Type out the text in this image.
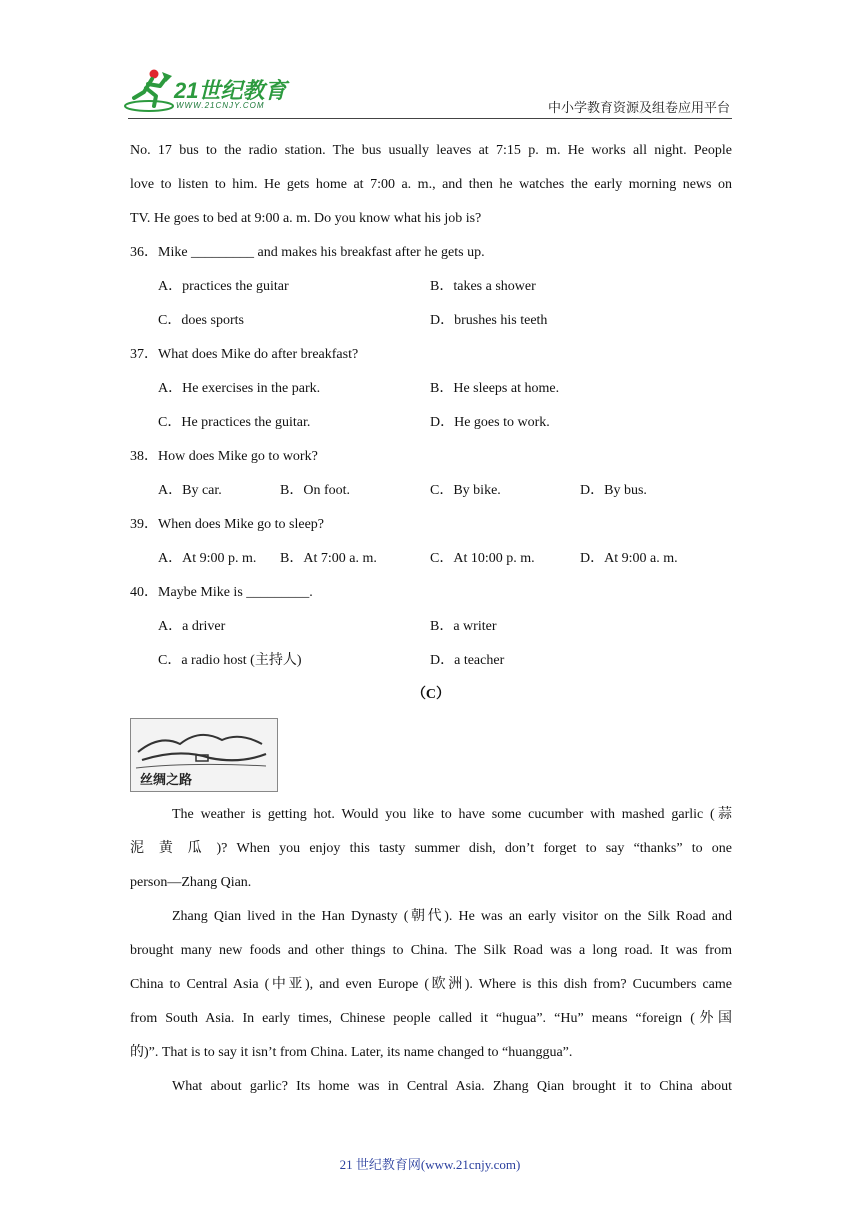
21世纪教育
WWW.21CNJY.COM	中小学教育资源及组卷应用平台
No. 17 bus to the radio station. The bus usually leaves at 7:15 p. m. He works all night. People
love to listen to him. He gets home at 7:00 a. m., and then he watches the early morning news on
TV. He goes to bed at 9:00 a. m. Do you know what his job is?
36．Mike _________ and makes his breakfast after he gets up.
A．practices the guitar	B．takes a shower
C．does sports	D．brushes his teeth
37．What does Mike do after breakfast?
A．He exercises in the park.	B．He sleeps at home.
C．He practices the guitar.	D．He goes to work.
38．How does Mike go to work?
A．By car.	B．On foot.	C．By bike.	D．By bus.
39．When does Mike go to sleep?
A．At 9:00 p. m. B．At 7:00 a. m.	C．At 10:00 p. m.	D．At 9:00 a. m.
40．Maybe Mike is _________.
A．a driver	B．a writer
C．a radio host (主持人)	D．a teacher
（C）
丝绸之路
The weather is getting hot. Would you like to have some cucumber with mashed garlic (蒜
泥 黄 瓜 )? When you enjoy this tasty summer dish, don’t forget to say “thanks” to one
person—Zhang Qian.
Zhang Qian lived in the Han Dynasty (朝代). He was an early visitor on the Silk Road and
brought many new foods and other things to China. The Silk Road was a long road. It was from
China to Central Asia (中亚), and even Europe (欧洲). Where is this dish from? Cucumbers came
from South Asia. In early times, Chinese people called it “hugua”. “Hu” means “foreign (外国
的)”. That is to say it isn’t from China. Later, its name changed to “huanggua”.
What about garlic? Its home was in Central Asia. Zhang Qian brought it to China about
21 世纪教育网(www.21cnjy.com)
